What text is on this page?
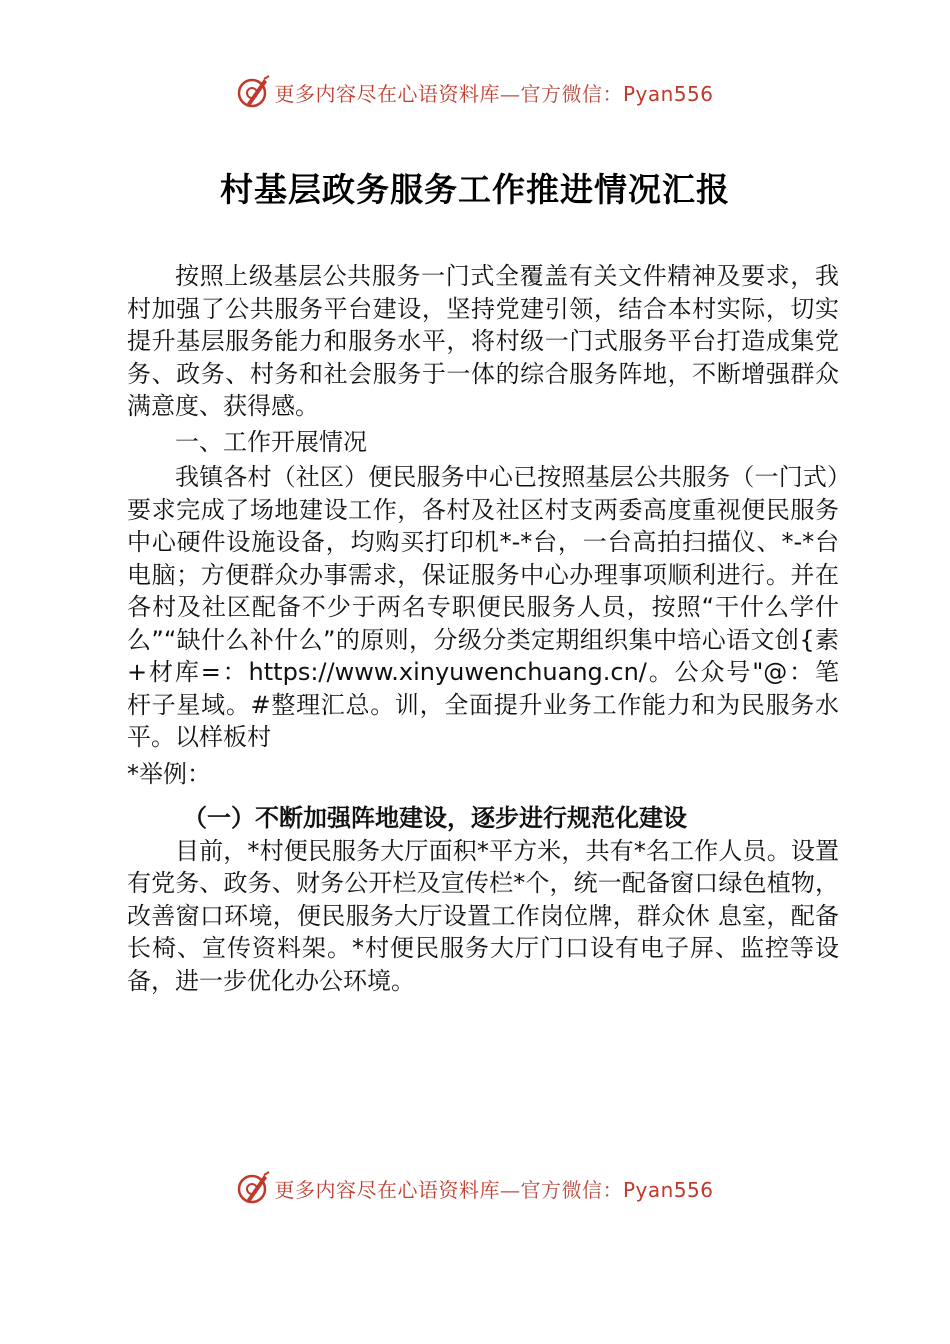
更多内容尽在心语资料库—官方微信：Pyan556
村基层政务服务工作推进情况汇报

按照上级基层公共服务一门式全覆盖有关文件精神及要求，我村加强了公共服务平台建设，坚持党建引领，结合本村实际，切实提升基层服务能力和服务水平，将村级一门式服务平台打造成集党务、政务、村务和社会服务于一体的综合服务阵地，不断增强群众满意度、获得感。

一、工作开展情况

我镇各村（社区）便民服务中心已按照基层公共服务（一门式）要求完成了场地建设工作，各村及社区村支两委高度重视便民服务中心硬件设施设备，均购买打印机*-*台，一台高拍扫描仪、*-*台电脑；方便群众办事需求，保证服务中心办理事项顺利进行。并在各村及社区配备不少于两名专职便民服务人员，按照“干什么学什么”“缺什么补什么”的原则，分级分类定期组织集中培心语文创{素+材库=：https://www.xinyuwenchuang.cn/。公众号"@：笔杆子星域。#整理汇总。训，全面提升业务工作能力和为民服务水平。以样板村

*举例：

（一）不断加强阵地建设，逐步进行规范化建设

目前，*村便民服务大厅面积*平方米，共有*名工作人员。设置有党务、政务、财务公开栏及宣传栏*个，统一配备窗口绿色植物，改善窗口环境，便民服务大厅设置工作岗位牌，群众休 息室，配备长椅、宣传资料架。*村便民服务大厅门口设有电子屏、监控等设备，进一步优化办公环境。

更多内容尽在心语资料库—官方微信：Pyan556
